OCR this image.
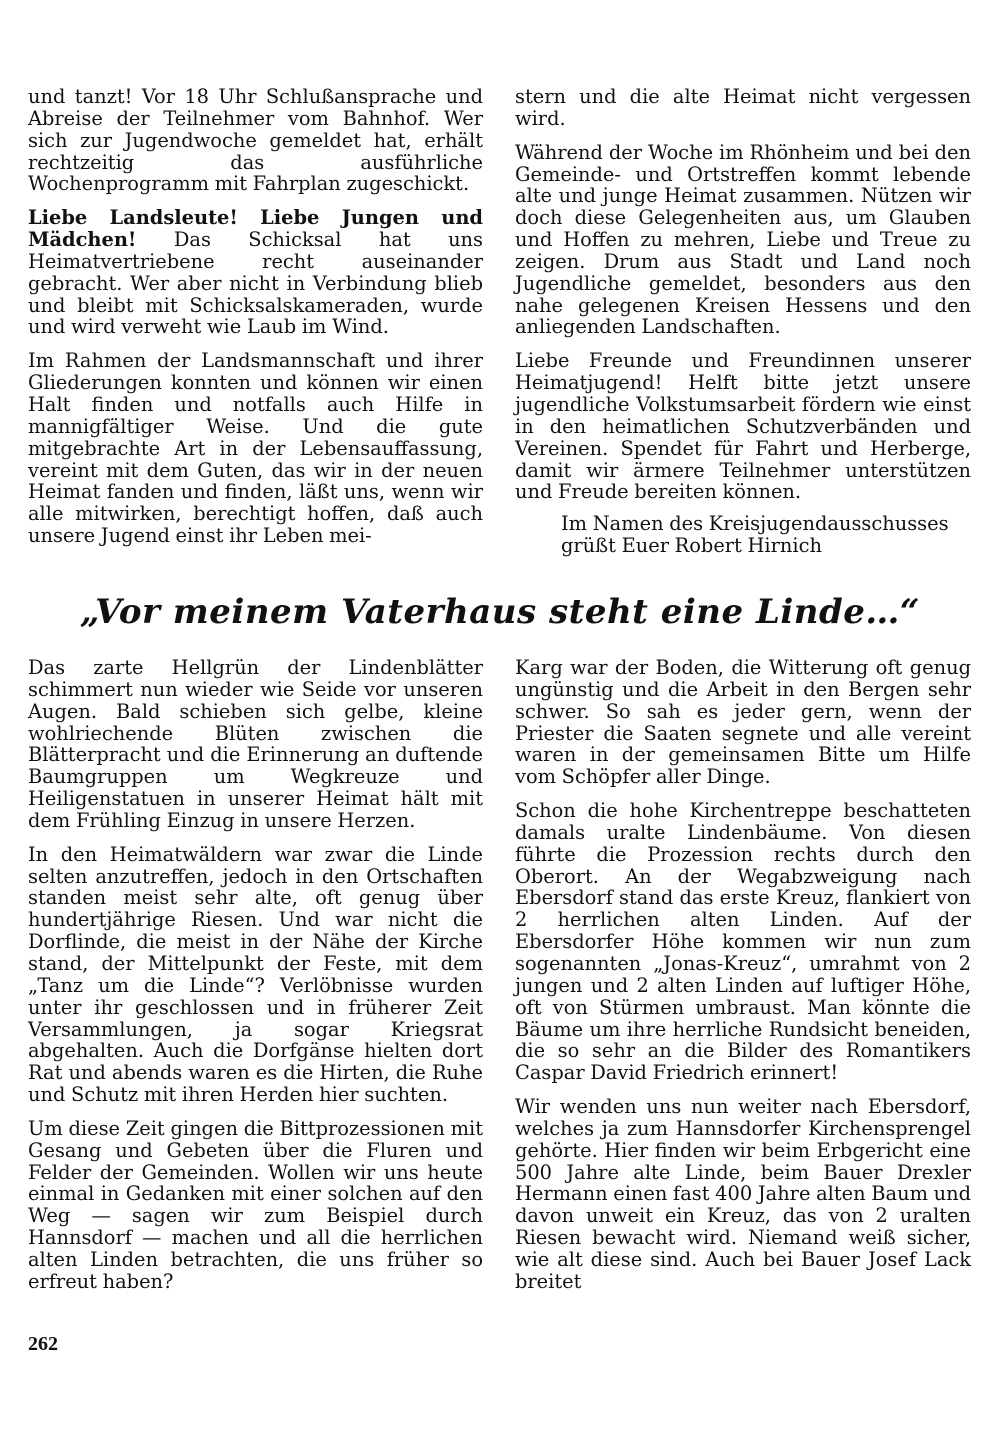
und tanzt! Vor 18 Uhr Schlußansprache und Abreise der Teilnehmer vom Bahnhof. Wer sich zur Jugendwoche gemeldet hat, erhält rechtzeitig das ausführliche Wochenprogramm mit Fahrplan zugeschickt.

Liebe Landsleute! Liebe Jungen und Mädchen! Das Schicksal hat uns Heimatvertriebene recht auseinander gebracht. Wer aber nicht in Verbindung blieb und bleibt mit Schicksalskameraden, wurde und wird verweht wie Laub im Wind.

Im Rahmen der Landsmannschaft und ihrer Gliederungen konnten und können wir einen Halt finden und notfalls auch Hilfe in mannigfältiger Weise. Und die gute mitgebrachte Art in der Lebensauffassung, vereint mit dem Guten, das wir in der neuen Heimat fanden und finden, läßt uns, wenn wir alle mitwirken, berechtigt hoffen, daß auch unsere Jugend einst ihr Leben mei-

stern und die alte Heimat nicht vergessen wird.

Während der Woche im Rhönheim und bei den Gemeinde- und Ortstreffen kommt lebende alte und junge Heimat zusammen. Nützen wir doch diese Gelegenheiten aus, um Glauben und Hoffen zu mehren, Liebe und Treue zu zeigen. Drum aus Stadt und Land noch Jugendliche gemeldet, besonders aus den nahe gelegenen Kreisen Hessens und den anliegenden Landschaften.

Liebe Freunde und Freundinnen unserer Heimatjugend! Helft bitte jetzt unsere jugendliche Volkstumsarbeit fördern wie einst in den heimatlichen Schutzverbänden und Vereinen. Spendet für Fahrt und Herberge, damit wir ärmere Teilnehmer unterstützen und Freude bereiten können.

Im Namen des Kreisjugendausschusses
grüßt Euer Robert Hirnich

„Vor meinem Vaterhaus steht eine Linde…“

Das zarte Hellgrün der Lindenblätter schimmert nun wieder wie Seide vor unseren Augen. Bald schieben sich gelbe, kleine wohlriechende Blüten zwischen die Blätterpracht und die Erinnerung an duftende Baumgruppen um Wegkreuze und Heiligenstatuen in unserer Heimat hält mit dem Frühling Einzug in unsere Herzen.

In den Heimatwäldern war zwar die Linde selten anzutreffen, jedoch in den Ortschaften standen meist sehr alte, oft genug über hundertjährige Riesen. Und war nicht die Dorflinde, die meist in der Nähe der Kirche stand, der Mittelpunkt der Feste, mit dem „Tanz um die Linde“? Verlöbnisse wurden unter ihr geschlossen und in früherer Zeit Versammlungen, ja sogar Kriegsrat abgehalten. Auch die Dorfgänse hielten dort Rat und abends waren es die Hirten, die Ruhe und Schutz mit ihren Herden hier suchten.

Um diese Zeit gingen die Bittprozessionen mit Gesang und Gebeten über die Fluren und Felder der Gemeinden. Wollen wir uns heute einmal in Gedanken mit einer solchen auf den Weg — sagen wir zum Beispiel durch Hannsdorf — machen und all die herrlichen alten Linden betrachten, die uns früher so erfreut haben?

Karg war der Boden, die Witterung oft genug ungünstig und die Arbeit in den Bergen sehr schwer. So sah es jeder gern, wenn der Priester die Saaten segnete und alle vereint waren in der gemeinsamen Bitte um Hilfe vom Schöpfer aller Dinge.

Schon die hohe Kirchentreppe beschatteten damals uralte Lindenbäume. Von diesen führte die Prozession rechts durch den Oberort. An der Wegabzweigung nach Ebersdorf stand das erste Kreuz, flankiert von 2 herrlichen alten Linden. Auf der Ebersdorfer Höhe kommen wir nun zum sogenannten „Jonas-Kreuz“, umrahmt von 2 jungen und 2 alten Linden auf luftiger Höhe, oft von Stürmen umbraust. Man könnte die Bäume um ihre herrliche Rundsicht beneiden, die so sehr an die Bilder des Romantikers Caspar David Friedrich erinnert!

Wir wenden uns nun weiter nach Ebersdorf, welches ja zum Hannsdorfer Kirchensprengel gehörte. Hier finden wir beim Erbgericht eine 500 Jahre alte Linde, beim Bauer Drexler Hermann einen fast 400 Jahre alten Baum und davon unweit ein Kreuz, das von 2 uralten Riesen bewacht wird. Niemand weiß sicher, wie alt diese sind. Auch bei Bauer Josef Lack breitet

262
